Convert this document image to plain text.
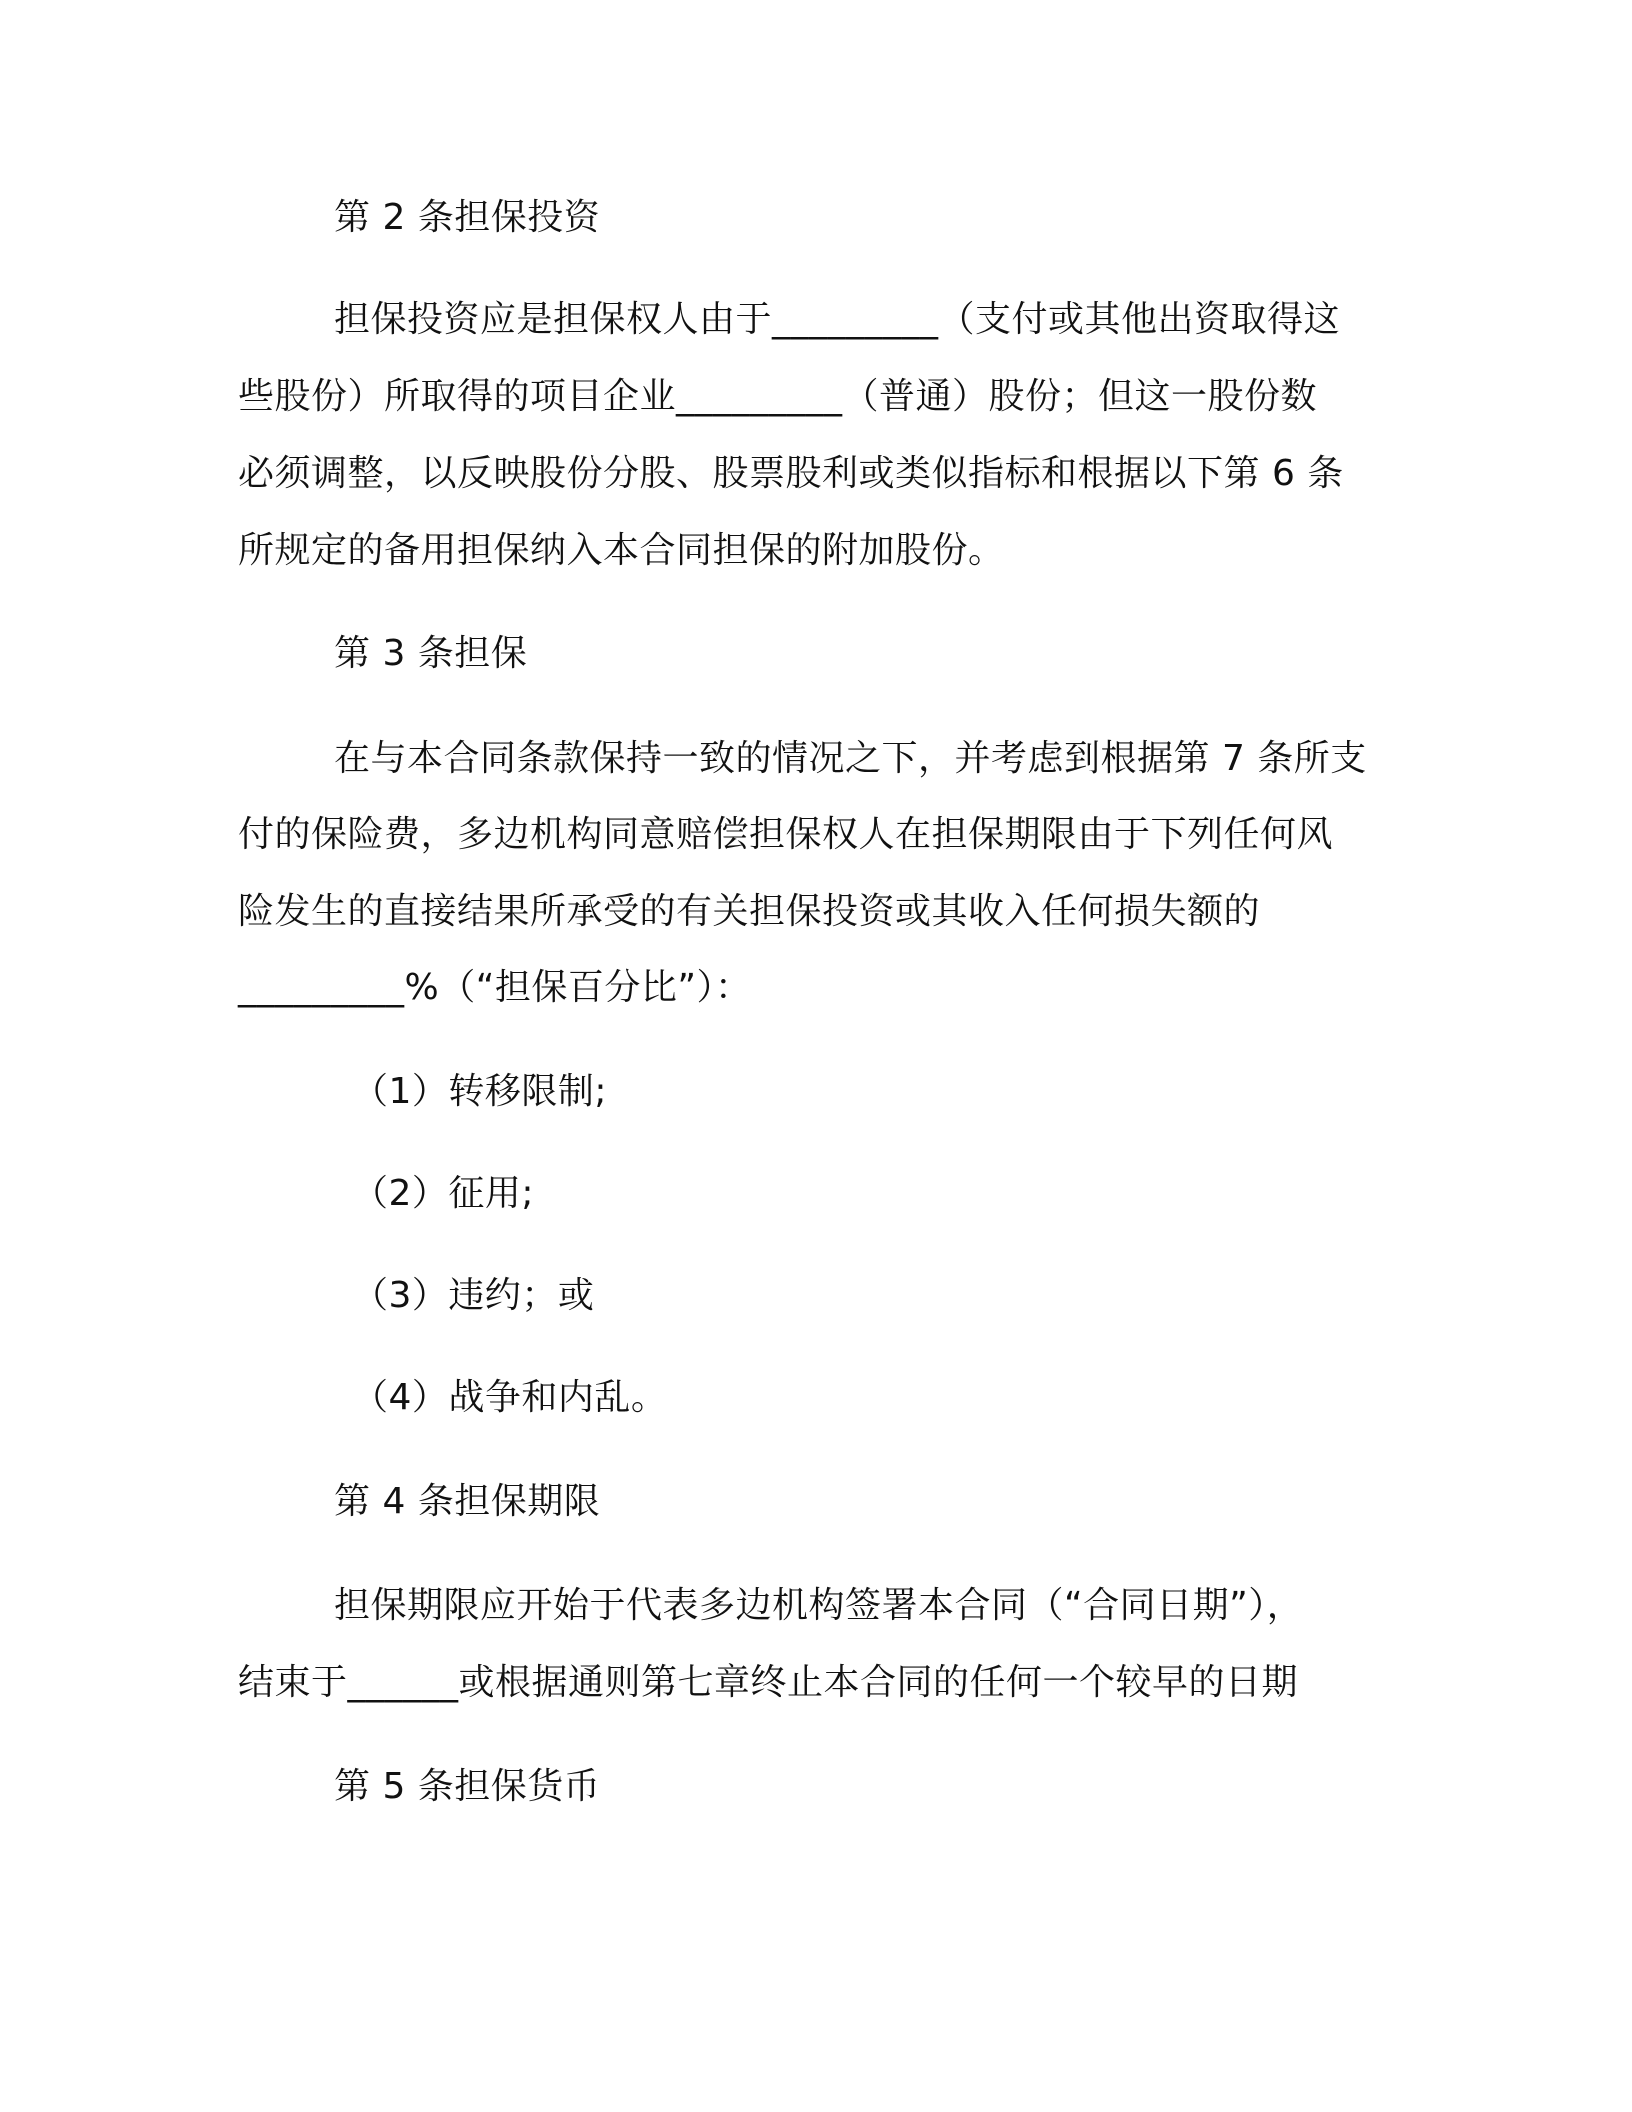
第 2 条担保投资
担保投资应是担保权人由于_________（支付或其他出资取得这
些股份）所取得的项目企业_________（普通）股份；但这一股份数
必须调整，以反映股份分股、股票股利或类似指标和根据以下第 6 条
所规定的备用担保纳入本合同担保的附加股份。
第 3 条担保
在与本合同条款保持一致的情况之下，并考虑到根据第 7 条所支
付的保险费，多边机构同意赔偿担保权人在担保期限由于下列任何风
险发生的直接结果所承受的有关担保投资或其收入任何损失额的
_________%（“担保百分比”）：
（1）转移限制;
（2）征用;
（3）违约；或
（4）战争和内乱。
第 4 条担保期限
担保期限应开始于代表多边机构签署本合同（“合同日期”），
结束于______或根据通则第七章终止本合同的任何一个较早的日期
第 5 条担保货币
